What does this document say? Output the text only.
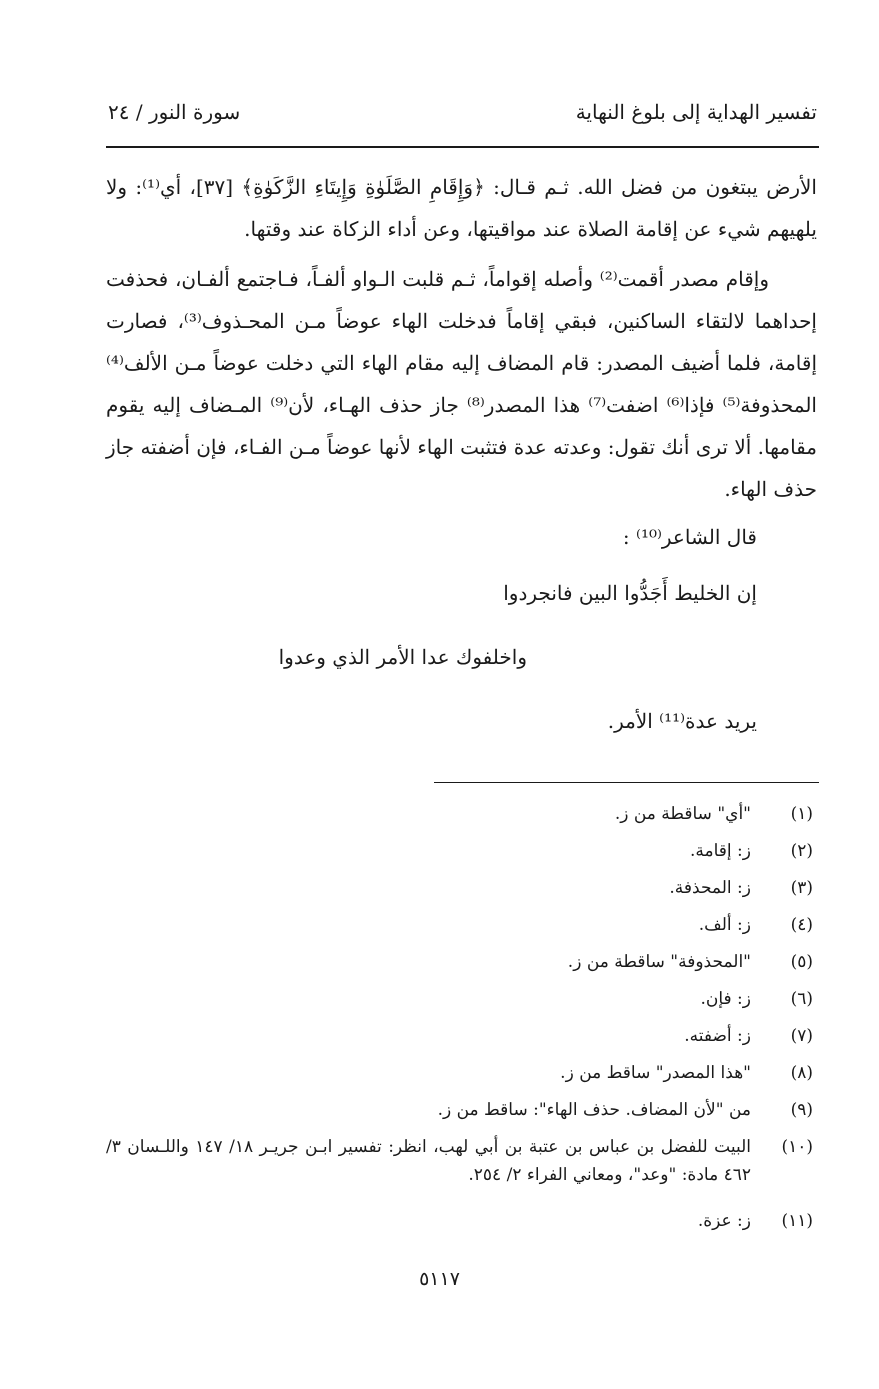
تفسير الهداية إلى بلوغ النهاية
سورة النور / ٢٤

الأرض يبتغون من فضل الله. ثـم قـال: ﴿وَإِقَامِ الصَّلَوٰةِ وَإِيتَاءِ الزَّكَوٰةِ﴾ [٣٧]، أي⁽¹⁾: ولا يلهيهم شيء عن إقامة الصلاة عند مواقيتها، وعن أداء الزكاة عند وقتها.

وإقام مصدر أقمت⁽²⁾ وأصله إقواماً، ثـم قلبت الـواو ألفـاً، فـاجتمع ألفـان، فحذفت إحداهما لالتقاء الساكنين، فبقي إقاماً فدخلت الهاء عوضاً مـن المحـذوف⁽³⁾، فصارت إقامة، فلما أضيف المصدر: قام المضاف إليه مقام الهاء التي دخلت عوضاً مـن الألف⁽⁴⁾ المحذوفة⁽⁵⁾ فإذا⁽⁶⁾ اضفت⁽⁷⁾ هذا المصدر⁽⁸⁾ جاز حذف الهـاء، لأن⁽⁹⁾ المـضاف إليه يقوم مقامها. ألا ترى أنك تقول: وعدته عدة فتثبت الهاء لأنها عوضاً مـن الفـاء، فإن أضفته جاز حذف الهاء.

قال الشاعر⁽¹⁰⁾ :

إن الخليط أَجَدُّوا البين فانجردوا

واخلفوك عدا الأمر الذي وعدوا

يريد عدة⁽¹¹⁾ الأمر.

(١)
"أي" ساقطة من ز.
(٢)
ز: إقامة.
(٣)
ز: المحذفة.
(٤)
ز: ألف.
(٥)
"المحذوفة" ساقطة من ز.
(٦)
ز: فإن.
(٧)
ز: أضفته.
(٨)
"هذا المصدر" ساقط من ز.
(٩)
من "لأن المضاف. حذف الهاء": ساقط من ز.
(١٠)
البيت للفضل بن عباس بن عتبة بن أبي لهب، انظر: تفسير ابـن جريـر ١٨/ ١٤٧ واللـسان ٣/ ٤٦٢ مادة: "وعد"، ومعاني الفراء ٢/ ٢٥٤.
(١١)
ز: عزة.
٥١١٧
